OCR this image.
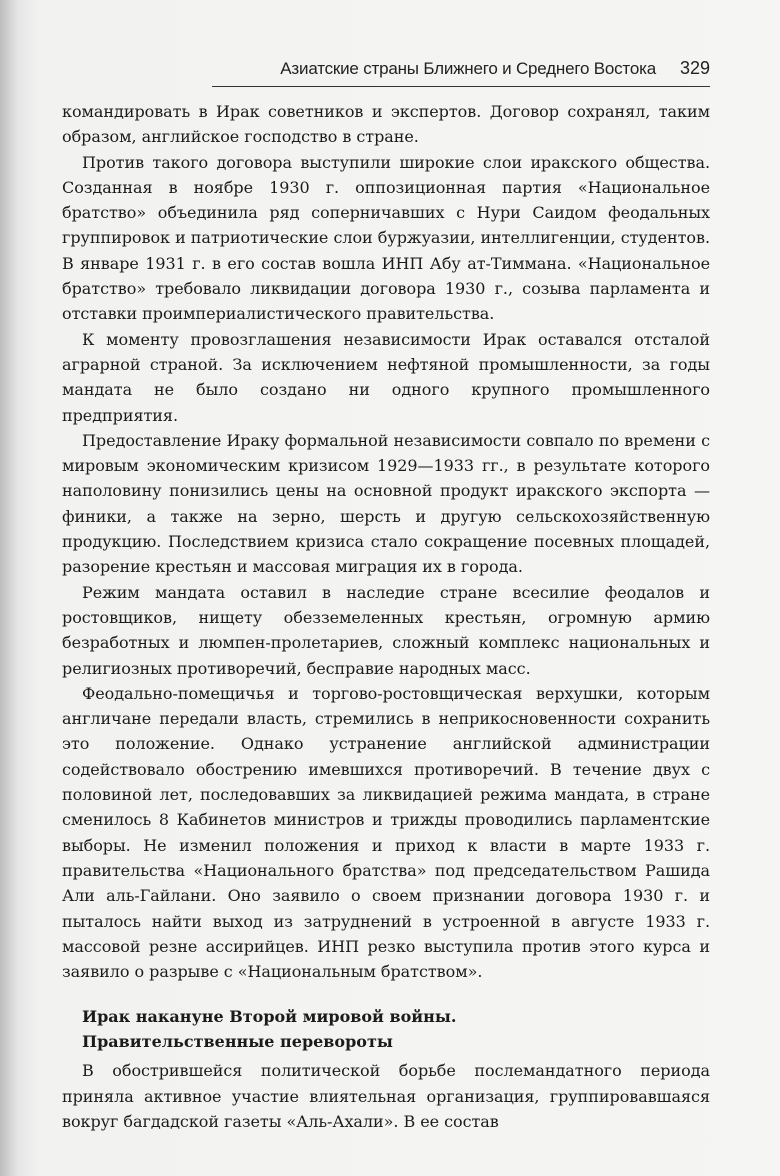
Азиатские страны Ближнего и Среднего Востока 329

командировать в Ирак советников и экспертов. Договор сохранял, таким образом, английское господство в стране.

Против такого договора выступили широкие слои иракского общества. Созданная в ноябре 1930 г. оппозиционная партия «Национальное братство» объединила ряд соперничавших с Нури Саидом феодальных группировок и патриотические слои буржуазии, интеллигенции, студентов. В январе 1931 г. в его состав вошла ИНП Абу ат-Тиммана. «Национальное братство» требовало ликвидации договора 1930 г., созыва парламента и отставки проимпериалистического правительства.

К моменту провозглашения независимости Ирак оставался отсталой аграрной страной. За исключением нефтяной промышленности, за годы мандата не было создано ни одного крупного промышленного предприятия.

Предоставление Ираку формальной независимости совпало по времени с мировым экономическим кризисом 1929—1933 гг., в результате которого наполовину понизились цены на основной продукт иракского экспорта — финики, а также на зерно, шерсть и другую сельскохозяйственную продукцию. Последствием кризиса стало сокращение посевных площадей, разорение крестьян и массовая миграция их в города.

Режим мандата оставил в наследие стране всесилие феодалов и ростовщиков, нищету обезземеленных крестьян, огромную армию безработных и люмпен-пролетариев, сложный комплекс национальных и религиозных противоречий, бесправие народных масс.

Феодально-помещичья и торгово-ростовщическая верхушки, которым англичане передали власть, стремились в неприкосновенности сохранить это положение. Однако устранение английской администрации содействовало обострению имевшихся противоречий. В течение двух с половиной лет, последовавших за ликвидацией режима мандата, в стране сменилось 8 Кабинетов министров и трижды проводились парламентские выборы. Не изменил положения и приход к власти в марте 1933 г. правительства «Национального братства» под председательством Рашида Али аль-Гайлани. Оно заявило о своем признании договора 1930 г. и пыталось найти выход из затруднений в устроенной в августе 1933 г. массовой резне ассирийцев. ИНП резко выступила против этого курса и заявило о разрыве с «Национальным братством».

Ирак накануне Второй мировой войны.
Правительственные перевороты

В обострившейся политической борьбе послемандатного периода приняла активное участие влиятельная организация, группировавшаяся вокруг багдадской газеты «Аль-Ахали». В ее состав
